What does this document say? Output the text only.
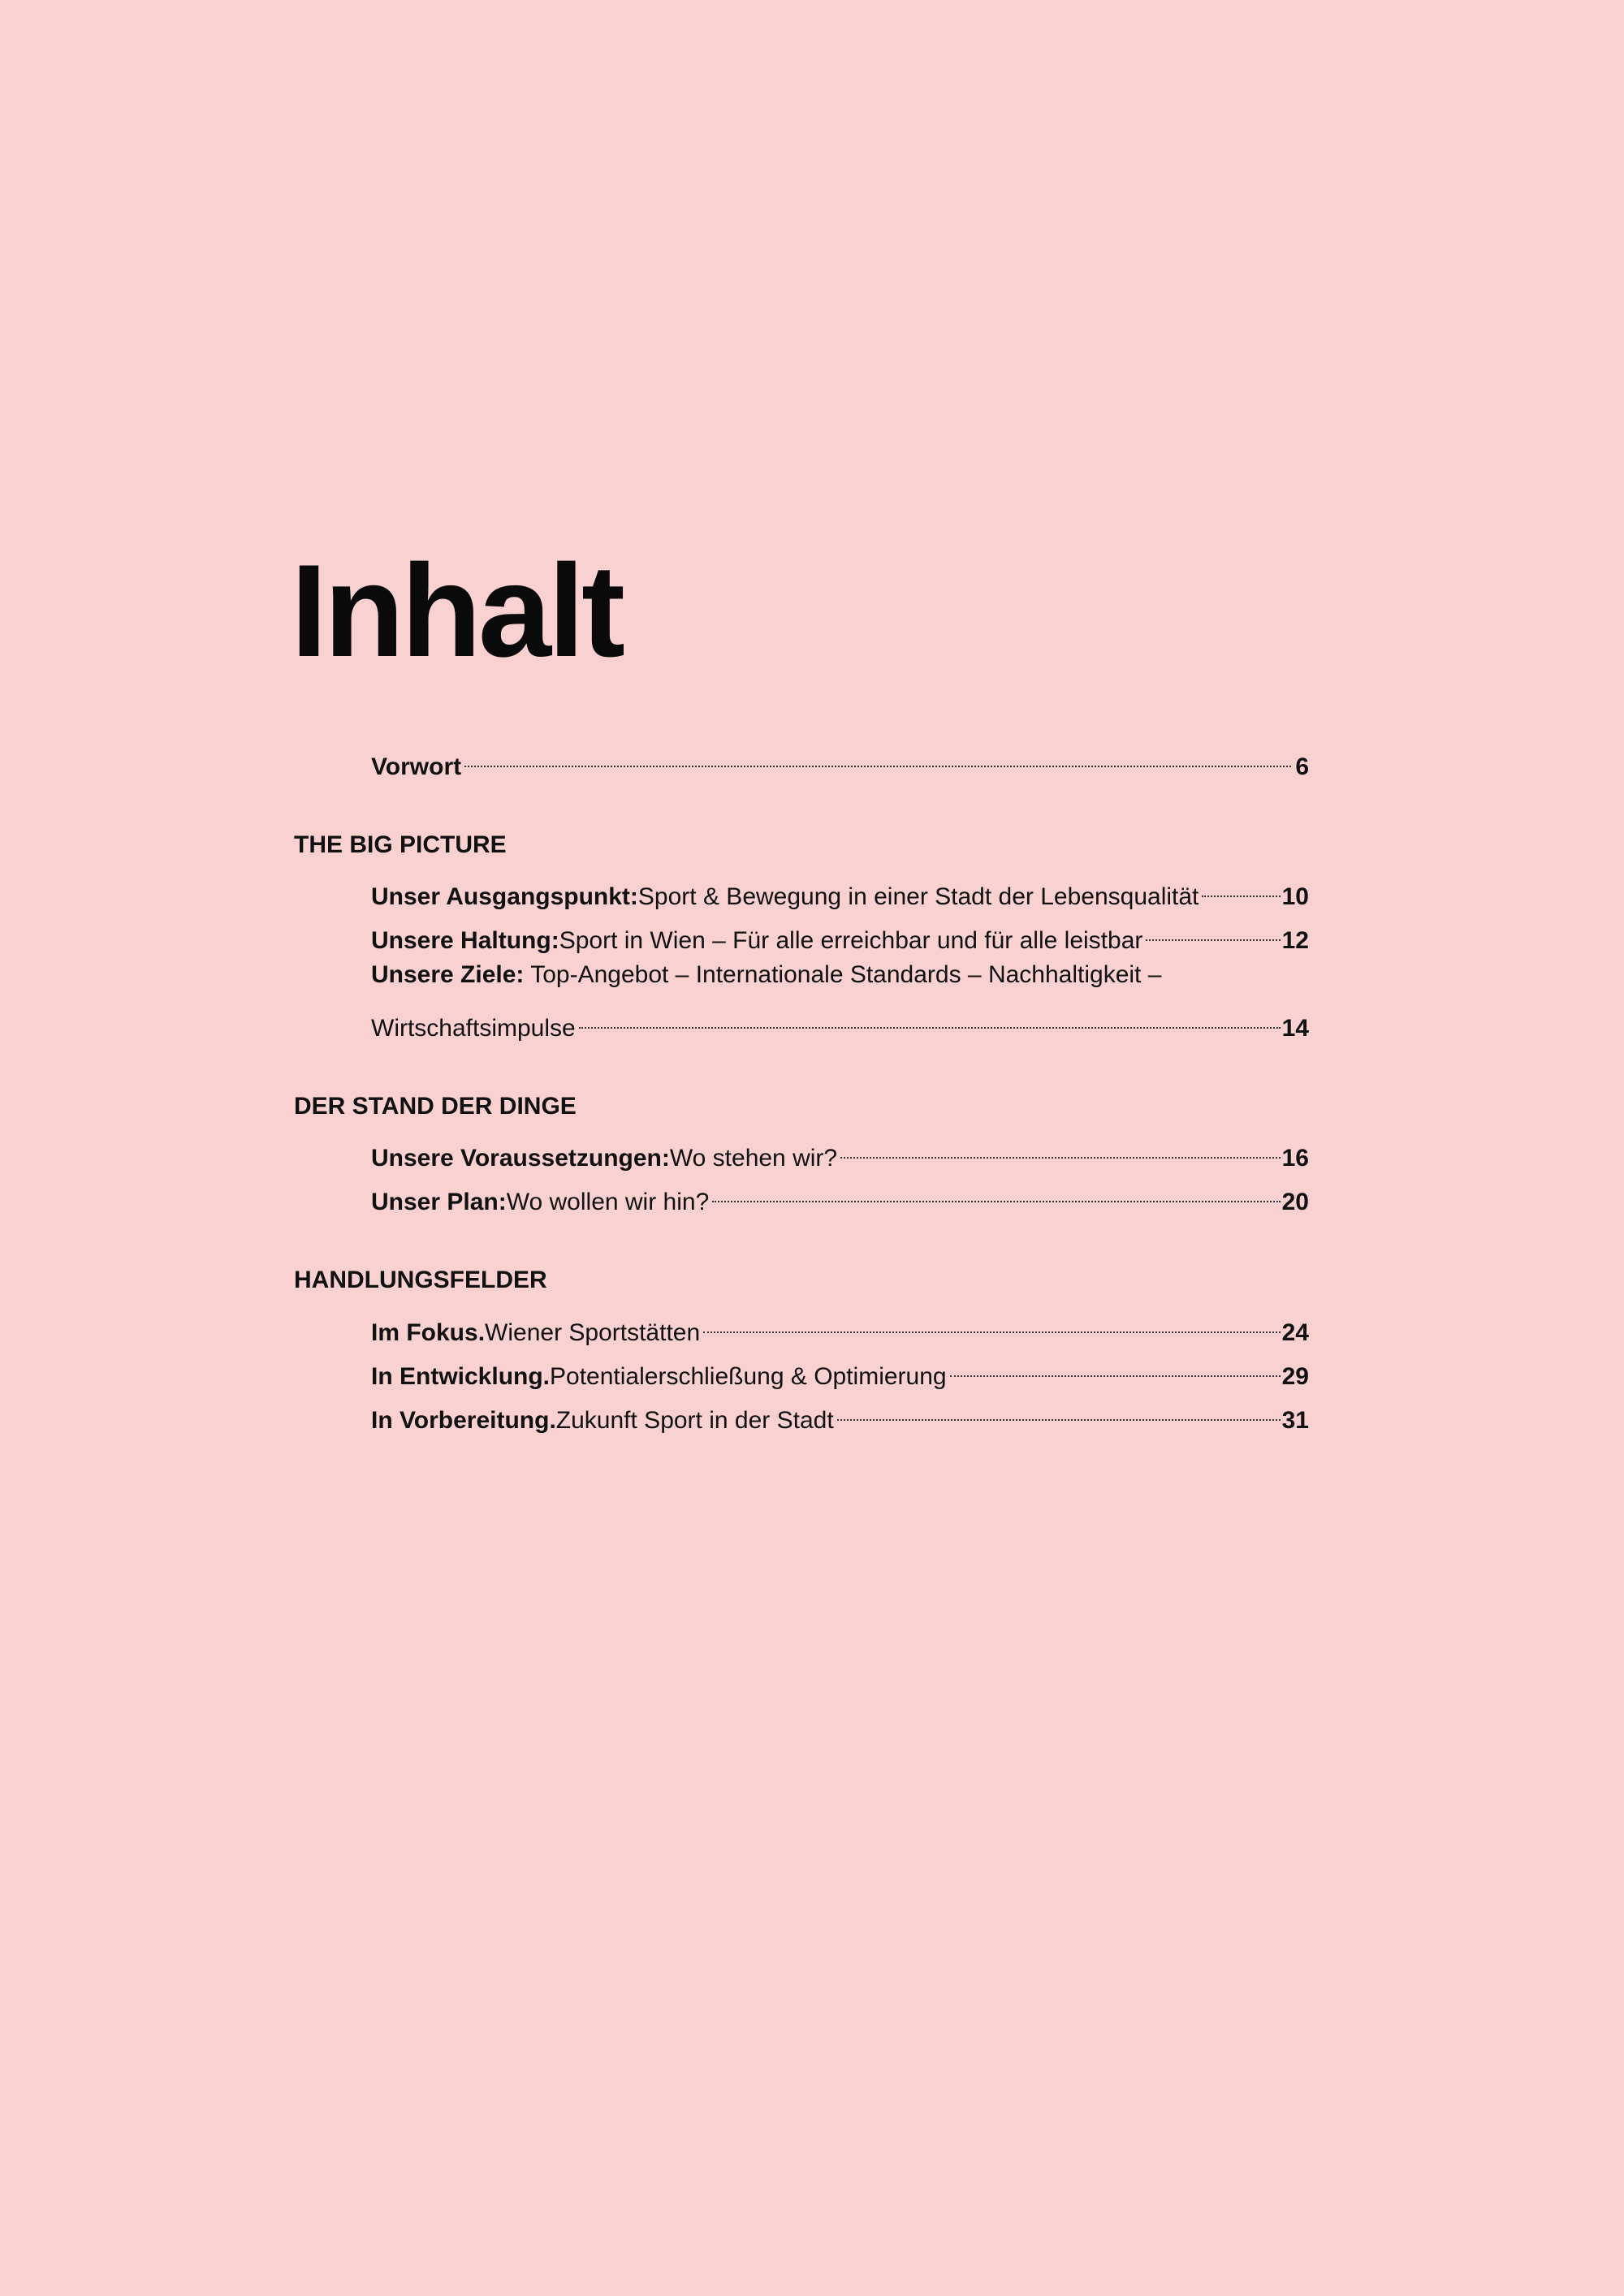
Inhalt
Vorwort	6
THE BIG PICTURE
Unser Ausgangspunkt: Sport & Bewegung in einer Stadt der Lebensqualität	10
Unsere Haltung: Sport in Wien – Für alle erreichbar und für alle leistbar	12
Unsere Ziele: Top-Angebot – Internationale Standards – Nachhaltigkeit –
Wirtschaftsimpulse	14
DER STAND DER DINGE
Unsere Voraussetzungen: Wo stehen wir?	16
Unser Plan: Wo wollen wir hin?	20
HANDLUNGSFELDER
Im Fokus. Wiener Sportstätten	24
In Entwicklung. Potentialerschließung & Optimierung	29
In Vorbereitung. Zukunft Sport in der Stadt	31
